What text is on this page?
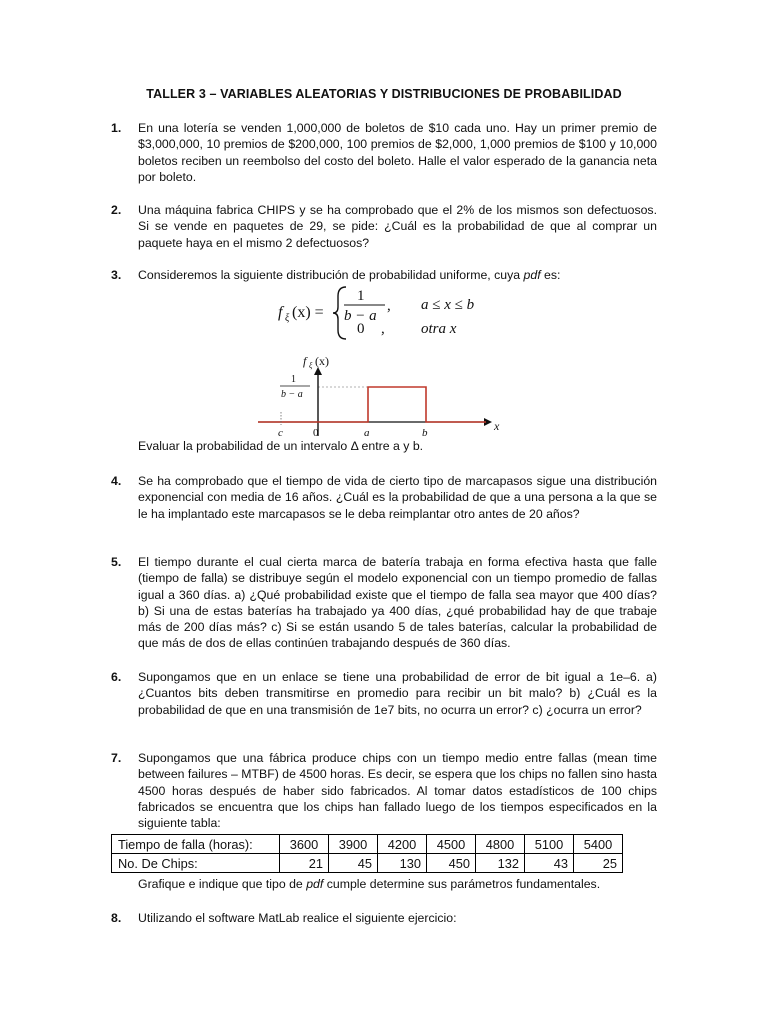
TALLER 3 – VARIABLES ALEATORIAS Y DISTRIBUCIONES DE PROBABILIDAD
1. En una lotería se venden 1,000,000 de boletos de $10 cada uno. Hay un primer premio de $3,000,000, 10 premios de $200,000, 100 premios de $2,000, 1,000 premios de $100 y 10,000 boletos reciben un reembolso del costo del boleto. Halle el valor esperado de la ganancia neta por boleto.
2. Una máquina fabrica CHIPS y se ha comprobado que el 2% de los mismos son defectuosos. Si se vende en paquetes de 29, se pide: ¿Cuál es la probabilidad de que al comprar un paquete haya en el mismo 2 defectuosos?
3. Consideremos la siguiente distribución de probabilidad uniforme, cuya pdf es:
f ξ (x) =
1
b − a
,
0 ,
a ≤ x ≤ b
otra x
f ξ (x)
1
b − a
c	0	a	b	x
Evaluar la probabilidad de un intervalo Δ entre a y b.
4. Se ha comprobado que el tiempo de vida de cierto tipo de marcapasos sigue una distribución exponencial con media de 16 años. ¿Cuál es la probabilidad de que a una persona a la que se le ha implantado este marcapasos se le deba reimplantar otro antes de 20 años?
5. El tiempo durante el cual cierta marca de batería trabaja en forma efectiva hasta que falle (tiempo de falla) se distribuye según el modelo exponencial con un tiempo promedio de fallas igual a 360 días. a) ¿Qué probabilidad existe que el tiempo de falla sea mayor que 400 días? b) Si una de estas baterías ha trabajado ya 400 días, ¿qué probabilidad hay de que trabaje más de 200 días más? c) Si se están usando 5 de tales baterías, calcular la probabilidad de que más de dos de ellas continúen trabajando después de 360 días.
6. Supongamos que en un enlace se tiene una probabilidad de error de bit igual a 1e–6. a) ¿Cuantos bits deben transmitirse en promedio para recibir un bit malo? b) ¿Cuál es la probabilidad de que en una transmisión de 1e7 bits, no ocurra un error? c) ¿ocurra un error?
7. Supongamos que una fábrica produce chips con un tiempo medio entre fallas (mean time between failures – MTBF) de 4500 horas. Es decir, se espera que los chips no fallen sino hasta 4500 horas después de haber sido fabricados. Al tomar datos estadísticos de 100 chips fabricados se encuentra que los chips han fallado luego de los tiempos especificados en la siguiente tabla:
Tiempo de falla (horas):	3600	3900	4200	4500	4800	5100	5400
No. De Chips:	21	45	130	450	132	43	25
Grafique e indique que tipo de pdf cumple determine sus parámetros fundamentales.
8. Utilizando el software MatLab realice el siguiente ejercicio:
